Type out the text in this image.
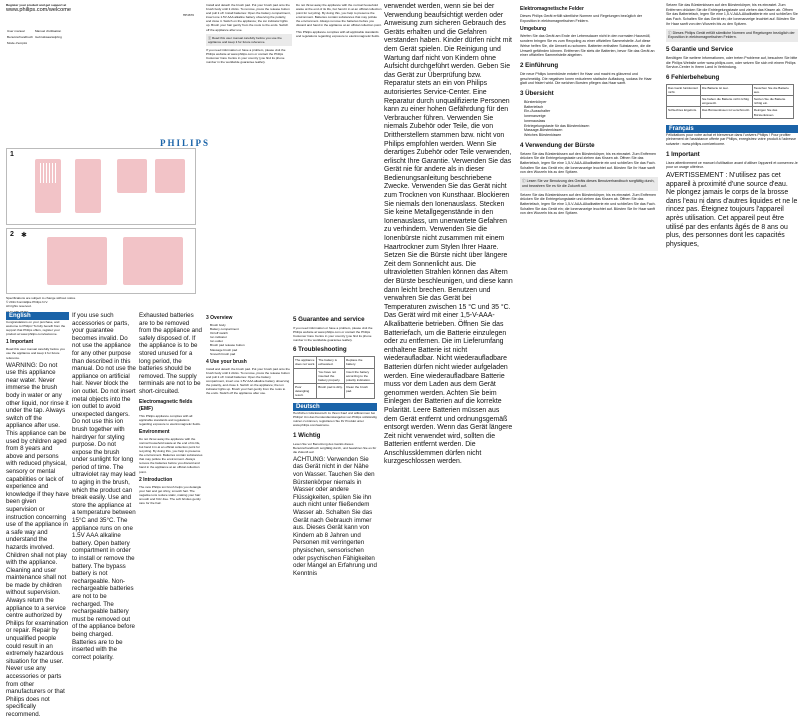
Register your product and get support at
www.philips.com/welcome
HP4676
User manual	Manuel d'utilisation
Benutzerhandbuch	Gebruiksaanwijzing
Mode d'emploi	
PHILIPS
1
2 ✱
Specifications are subject to change without notice
© 2011 Koninklijke Philips N.V.
All rights reserved.
English

Congratulations on your purchase, and welcome to Philips! To fully benefit from the support that Philips offers, register your product at www.philips.com/welcome.

1 Important

Read this user manual carefully before you use the appliance and keep it for future reference.

WARNING: Do not use this appliance near water. Never immerse the brush body in water or any other liquid, nor rinse it under the tap. Always switch off the appliance after use. This appliance can be used by children aged from 8 years and above and persons with reduced physical, sensory or mental capabilities or lack of experience and knowledge if they have been given supervision or instruction concerning use of the appliance in a safe way and understand the hazards involved. Children shall not play with the appliance. Cleaning and user maintenance shall not be made by children without supervision. Always return the appliance to a service centre authorized by Philips for examination or repair. Repair by unqualified people could result in an extremely hazardous situation for the user. Never use any accessories or parts from other manufacturers or that Philips does not specifically recommend.

If you use such accessories or parts, your guarantee becomes invalid. Do not use the appliance for any other purpose than described in this manual. Do not use the appliance on artificial hair. Never block the ion outlet. Do not insert metal objects into the ion outlet to avoid unexpected dangers. Do not use this ion brush together with hairdryer for styling purpose. Do not expose the brush under sunlight for long period of time. The ultraviolet ray may lead to aging in the brush, which the product can break easily. Use and store the appliance at a temperature between 15°C and 35°C. The appliance runs on one 1.5V AAA alkaline battery. Open battery compartment in order to install or remove the battery. The bypass battery is not rechargeable. Non-rechargeable batteries are not to be recharged. The rechargeable battery must be removed out of the appliance before being charged. Batteries are to be inserted with the correct polarity.

Exhausted batteries are to be removed from the appliance and safely disposed of. If the appliance is to be stored unused for a long period, the batteries should be removed. The supply terminals are not to be short-circuited.

Electromagnetic fields (EMF)

This Philips appliance complies with all applicable standards and regulations regarding exposure to electromagnetic fields.

Environment

Do not throw away the appliance with the normal household waste at the end of its life, but hand it in at an official collection point for recycling. By doing this, you help to preserve the environment. Batteries contain substances that may pollute the environment. Always remove the batteries before you discard and hand in the appliance at an official collection point.

2 Introduction

The new Philips ion brush helps you detangle your hair and get shiny, smooth hair. The negative ions reduce static, making your hair smooth and frizz-free. The soft bristles gently care for the hair.

Install and detach the brush pad. Put your brush pad onto the brush body until it clicks. To remove, press the release button and pull it off. Install batteries: Open the battery compartment, insert one 1.5V AAA alkaline battery observing the polarity, and close it. Switch on the appliance; the ion indicator lights up. Brush your hair gently from the roots to the ends. Switch off the appliance after use.

ⓘ Read this user manual carefully before you use the appliance and keep it for future reference.

If you need information or have a problem, please visit the Philips website at www.philips.com or contact the Philips Customer Care Centre in your country (you find its phone number in the worldwide guarantee leaflet).

Do not throw away the appliance with the normal household waste at the end of its life, but hand it in at an official collection point for recycling. By doing this, you help to preserve the environment. Batteries contain substances that may pollute the environment. Always remove the batteries before you discard and hand in the appliance at an official collection point.

This Philips appliance complies with all applicable standards and regulations regarding exposure to electromagnetic fields.

3 Overview
Brush body
Battery compartment
On/off switch
Ion indicator
Ion outlet
Brush pad release button
Massage brush pad
Smooth brush pad
4 Use your brush

Install and detach the brush pad. Put your brush pad onto the brush body until it clicks. To remove, press the release button and pull it off. Install batteries: Open the battery compartment, insert one 1.5V AAA alkaline battery observing the polarity, and close it. Switch on the appliance; the ion indicator lights up. Brush your hair gently from the roots to the ends. Switch off the appliance after use.

5 Guarantee and service

If you need information or have a problem, please visit the Philips website at www.philips.com or contact the Philips Customer Care Centre in your country (you find its phone number in the worldwide guarantee leaflet).

6 Troubleshooting
The appliance does not work.	The battery is exhausted.	Replace the battery.
	You have not inserted the battery properly.	Insert the battery according to the polarity indication.
Poor detangling result.	Brush pad is dirty.	Clean the brush pad.
Deutsch

Herzlichen Glückwunsch zu Ihrem Kauf und willkommen bei Philips! Um das Kundendienstangebot von Philips vollständig nutzen zu können, registrieren Sie Ihr Produkt unter www.philips.com/welcome.

1 Wichtig

Lesen Sie vor Benutzung des Geräts dieses Benutzerhandbuch sorgfältig durch, und bewahren Sie es für die Zukunft auf.

ACHTUNG: Verwenden Sie das Gerät nicht in der Nähe von Wasser. Tauchen Sie den Bürstenkörper niemals in Wasser oder andere Flüssigkeiten, spülen Sie ihn auch nicht unter fließendem Wasser ab. Schalten Sie das Gerät nach Gebrauch immer aus. Dieses Gerät kann von Kindern ab 8 Jahren und Personen mit verringerten physischen, sensorischen oder psychischen Fähigkeiten oder Mangel an Erfahrung und Kenntnis

verwendet werden, wenn sie bei der Verwendung beaufsichtigt werden oder Anweisung zum sicheren Gebrauch des Geräts erhalten und die Gefahren verstanden haben. Kinder dürfen nicht mit dem Gerät spielen. Die Reinigung und Wartung darf nicht von Kindern ohne Aufsicht durchgeführt werden. Geben Sie das Gerät zur Überprüfung bzw. Reparatur stets an ein von Philips autorisiertes Service-Center. Eine Reparatur durch unqualifizierte Personen kann zu einer hohen Gefährdung für den Verbraucher führen. Verwenden Sie niemals Zubehör oder Teile, die von Drittherstellern stammen bzw. nicht von Philips empfohlen werden. Wenn Sie derartiges Zubehör oder Teile verwenden, erlischt Ihre Garantie. Verwenden Sie das Gerät nie für andere als in dieser Bedienungsanleitung beschriebene Zwecke. Verwenden Sie das Gerät nicht zum Trocknen von Kunsthaar. Blockieren Sie niemals den Ionenauslass. Stecken Sie keine Metallgegenstände in den Ionenauslass, um unerwartete Gefahren zu verhindern. Verwenden Sie die Ionenbürste nicht zusammen mit einem Haartrockner zum Stylen Ihrer Haare. Setzen Sie die Bürste nicht über längere Zeit dem Sonnenlicht aus. Die ultravioletten Strahlen können das Altern der Bürste beschleunigen, und diese kann dann leicht brechen. Benutzen und verwahren Sie das Gerät bei Temperaturen zwischen 15 °C und 35 °C. Das Gerät wird mit einer 1,5-V-AAA-Alkalibatterie betrieben. Öffnen Sie das Batteriefach, um die Batterie einzulegen oder zu entfernen. Die im Lieferumfang enthaltene Batterie ist nicht wiederaufladbar. Nicht wiederaufladbare Batterien dürfen nicht wieder aufgeladen werden. Eine wiederaufladbare Batterie muss vor dem Laden aus dem Gerät genommen werden. Achten Sie beim Einlegen der Batterien auf die korrekte Polarität. Leere Batterien müssen aus dem Gerät entfernt und ordnungsgemäß entsorgt werden. Wenn das Gerät längere Zeit nicht verwendet wird, sollten die Batterien entfernt werden. Die Anschlussklemmen dürfen nicht kurzgeschlossen werden.

Elektromagnetische Felder

Dieses Philips Gerät erfüllt sämtliche Normen und Regelungen bezüglich der Exposition in elektromagnetischen Feldern.

Umgebung

Werfen Sie das Gerät am Ende der Lebensdauer nicht in den normalen Hausmüll, sondern bringen Sie es zum Recycling zu einer offiziellen Sammelstelle. Auf diese Weise helfen Sie, die Umwelt zu schonen. Batterien enthalten Substanzen, die die Umwelt gefährden können. Entfernen Sie stets die Batterien, bevor Sie das Gerät an einer offiziellen Sammelstelle abgeben.

2 Einführung

Die neue Philips Ionenbürste entwirrt Ihr Haar und macht es glänzend und geschmeidig. Die negativen Ionen reduzieren statische Aufladung, sodass Ihr Haar glatt und frisiert wirkt. Die weichen Borsten pflegen das Haar sanft.

3 Übersicht
Bürstenkörper
Batteriefach
Ein-/Ausschalter
Ionenanzeige
Ionenauslass
Entriegelungstaste für das Bürstenkissen
Massage-Bürstenkissen
Weiches Bürstenkissen
4 Verwendung der Bürste

Setzen Sie das Bürstenkissen auf den Bürstenkörper, bis es einrastet. Zum Entfernen drücken Sie die Entriegelungstaste und ziehen das Kissen ab. Öffnen Sie das Batteriefach, legen Sie eine 1,5-V-AAA-Alkalibatterie ein und schließen Sie das Fach. Schalten Sie das Gerät ein; die Ionenanzeige leuchtet auf. Bürsten Sie Ihr Haar sanft von den Wurzeln bis zu den Spitzen.

ⓘ Lesen Sie vor Benutzung des Geräts dieses Benutzerhandbuch sorgfältig durch, und bewahren Sie es für die Zukunft auf.

Setzen Sie das Bürstenkissen auf den Bürstenkörper, bis es einrastet. Zum Entfernen drücken Sie die Entriegelungstaste und ziehen das Kissen ab. Öffnen Sie das Batteriefach, legen Sie eine 1,5-V-AAA-Alkalibatterie ein und schließen Sie das Fach. Schalten Sie das Gerät ein; die Ionenanzeige leuchtet auf. Bürsten Sie Ihr Haar sanft von den Wurzeln bis zu den Spitzen.

Setzen Sie das Bürstenkissen auf den Bürstenkörper, bis es einrastet. Zum Entfernen drücken Sie die Entriegelungstaste und ziehen das Kissen ab. Öffnen Sie das Batteriefach, legen Sie eine 1,5-V-AAA-Alkalibatterie ein und schließen Sie das Fach. Schalten Sie das Gerät ein; die Ionenanzeige leuchtet auf. Bürsten Sie Ihr Haar sanft von den Wurzeln bis zu den Spitzen.

ⓘ Dieses Philips Gerät erfüllt sämtliche Normen und Regelungen bezüglich der Exposition in elektromagnetischen Feldern.
5 Garantie und Service

Benötigen Sie weitere Informationen, oder treten Probleme auf, besuchen Sie bitte die Philips Website unter www.philips.com, oder setzen Sie sich mit einem Philips Service-Center in Ihrem Land in Verbindung.

6 Fehlerbehebung
Das Gerät funktioniert nicht.	Die Batterie ist leer.	Tauschen Sie die Batterie aus.
	Sie haben die Batterie nicht richtig eingesetzt.	Setzen Sie die Batterie richtig ein.
Schlechtes Ergebnis.	Das Bürstenkissen ist verschmutzt.	Reinigen Sie das Bürstenkissen.
Français

Félicitations pour votre achat et bienvenue dans l'univers Philips ! Pour profiter pleinement de l'assistance offerte par Philips, enregistrez votre produit à l'adresse suivante : www.philips.com/welcome.

1 Important

Lisez attentivement ce manuel d'utilisation avant d'utiliser l'appareil et conservez-le pour un usage ultérieur.

AVERTISSEMENT : N'utilisez pas cet appareil à proximité d'une source d'eau. Ne plongez jamais le corps de la brosse dans l'eau ni dans d'autres liquides et ne le rincez pas. Éteignez toujours l'appareil après utilisation. Cet appareil peut être utilisé par des enfants âgés de 8 ans ou plus, des personnes dont les capacités physiques,
